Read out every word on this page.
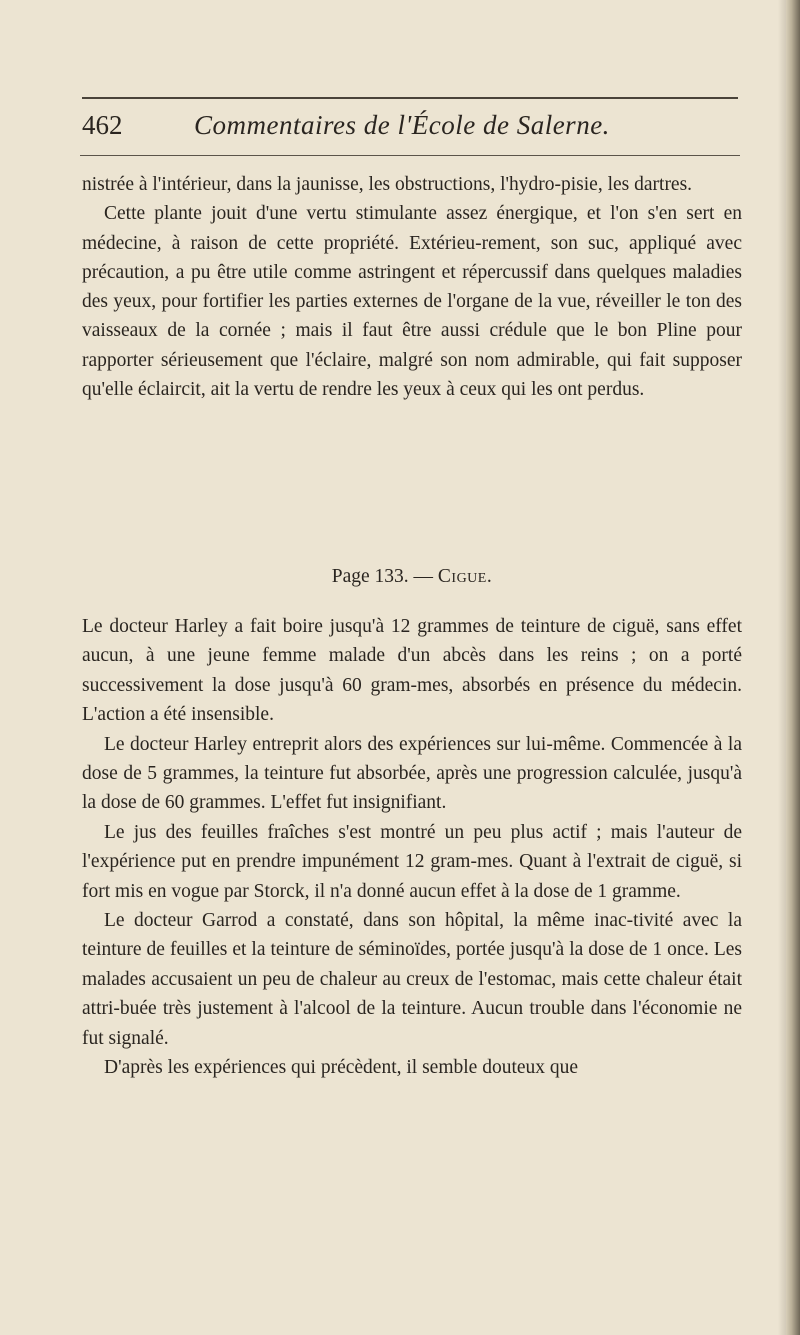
462	Commentaires de l'École de Salerne.

nistrée à l'intérieur, dans la jaunisse, les obstructions, l'hydro-pisie, les dartres.

Cette plante jouit d'une vertu stimulante assez énergique, et l'on s'en sert en médecine, à raison de cette propriété. Extérieu-rement, son suc, appliqué avec précaution, a pu être utile comme astringent et répercussif dans quelques maladies des yeux, pour fortifier les parties externes de l'organe de la vue, réveiller le ton des vaisseaux de la cornée ; mais il faut être aussi crédule que le bon Pline pour rapporter sérieusement que l'éclaire, malgré son nom admirable, qui fait supposer qu'elle éclaircit, ait la vertu de rendre les yeux à ceux qui les ont perdus.

Page 133. — Cigue.

Le docteur Harley a fait boire jusqu'à 12 grammes de teinture de ciguë, sans effet aucun, à une jeune femme malade d'un abcès dans les reins ; on a porté successivement la dose jusqu'à 60 gram-mes, absorbés en présence du médecin. L'action a été insensible.

Le docteur Harley entreprit alors des expériences sur lui-même. Commencée à la dose de 5 grammes, la teinture fut absorbée, après une progression calculée, jusqu'à la dose de 60 grammes. L'effet fut insignifiant.

Le jus des feuilles fraîches s'est montré un peu plus actif ; mais l'auteur de l'expérience put en prendre impunément 12 gram-mes. Quant à l'extrait de ciguë, si fort mis en vogue par Storck, il n'a donné aucun effet à la dose de 1 gramme.

Le docteur Garrod a constaté, dans son hôpital, la même inac-tivité avec la teinture de feuilles et la teinture de séminoïdes, portée jusqu'à la dose de 1 once. Les malades accusaient un peu de chaleur au creux de l'estomac, mais cette chaleur était attri-buée très justement à l'alcool de la teinture. Aucun trouble dans l'économie ne fut signalé.

D'après les expériences qui précèdent, il semble douteux que
